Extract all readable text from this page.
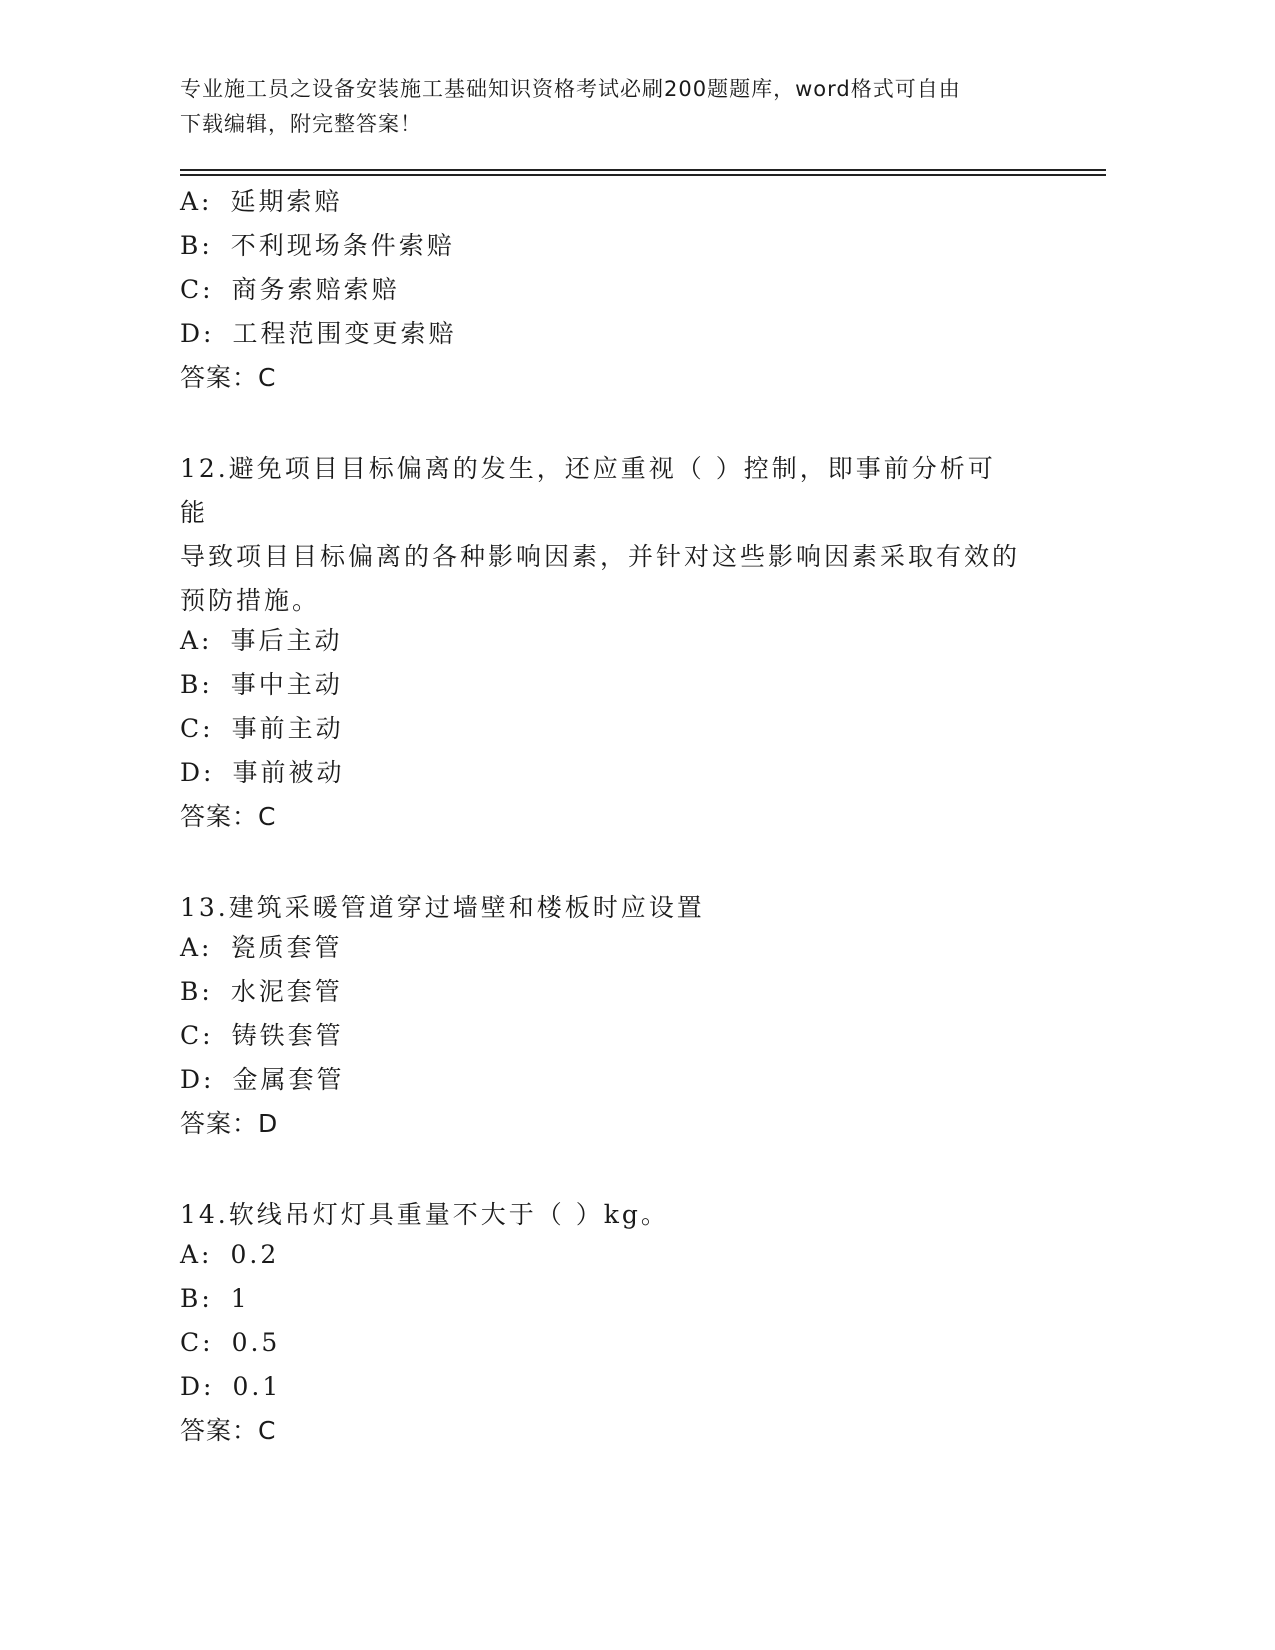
专业施工员之设备安装施工基础知识资格考试必刷200题题库，word格式可自由
下载编辑，附完整答案！
A: 延期索赔
B: 不利现场条件索赔
C: 商务索赔索赔
D: 工程范围变更索赔
答案：C
12.避免项目目标偏离的发生，还应重视（ ）控制，即事前分析可能
导致项目目标偏离的各种影响因素，并针对这些影响因素采取有效的
预防措施。
A: 事后主动
B: 事中主动
C: 事前主动
D: 事前被动
答案：C
13.建筑采暖管道穿过墙壁和楼板时应设置
A: 瓷质套管
B: 水泥套管
C: 铸铁套管
D: 金属套管
答案：D
14.软线吊灯灯具重量不大于（ ）kg。
A: 0.2
B: 1
C: 0.5
D: 0.1
答案：C
